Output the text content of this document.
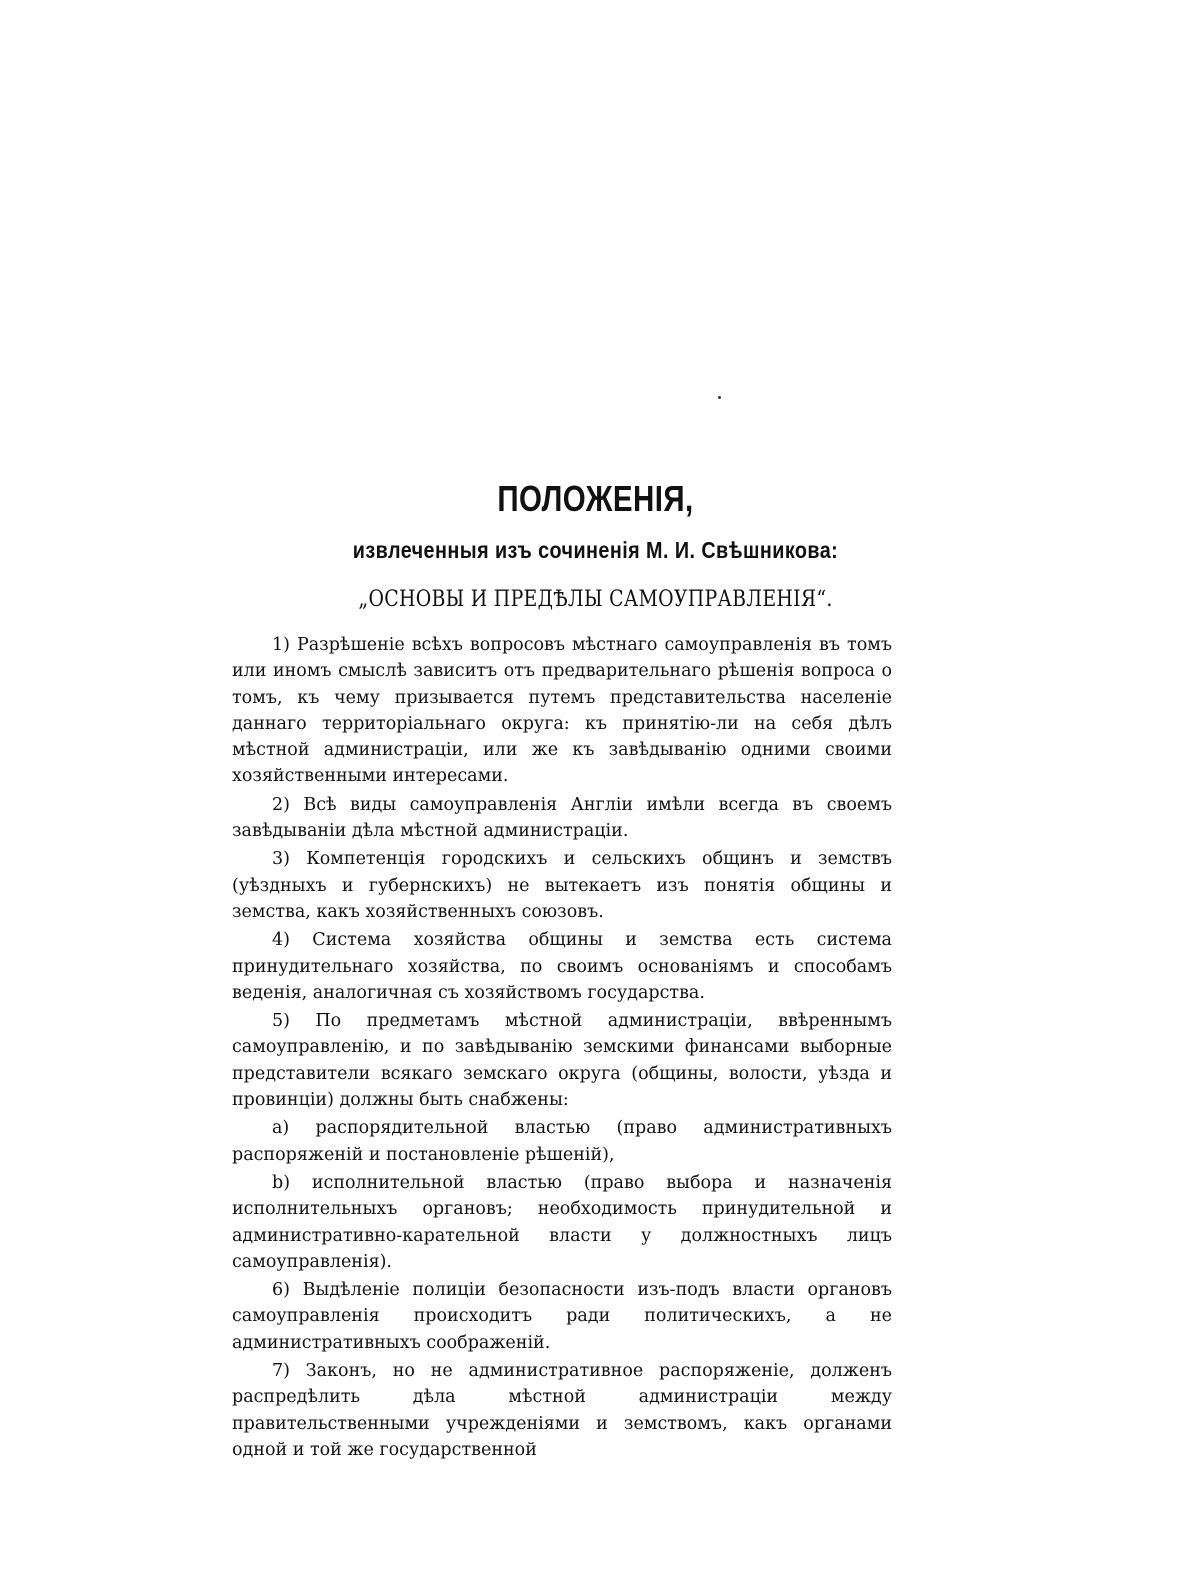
ПОЛОЖЕНІЯ,
извлеченныя изъ сочиненія М. И. Свѣшникова:
„ОСНОВЫ И ПРЕДѢЛЫ САМОУПРАВЛЕНІЯ“.

1) Разрѣшеніе всѣхъ вопросовъ мѣстнаго самоуправленія въ томъ или иномъ смыслѣ зависитъ отъ предварительнаго рѣшенія вопроса о томъ, къ чему призывается путемъ представительства населеніе даннаго территоріальнаго округа: къ принятію-ли на себя дѣлъ мѣстной администраціи, или же къ завѣдыванію одними своими хозяйственными интересами.

2) Всѣ виды самоуправленія Англіи имѣли всегда въ своемъ завѣдываніи дѣла мѣстной администраціи.

3) Компетенція городскихъ и сельскихъ общинъ и земствъ (уѣздныхъ и губернскихъ) не вытекаетъ изъ понятія общины и земства, какъ хозяйственныхъ союзовъ.

4) Система хозяйства общины и земства есть система принудительнаго хозяйства, по своимъ основаніямъ и способамъ веденія, аналогичная съ хозяйствомъ государства.

5) По предметамъ мѣстной администраціи, ввѣреннымъ самоуправленію, и по завѣдыванію земскими финансами выборные представители всякаго земскаго округа (общины, волости, уѣзда и провинціи) должны быть снабжены:

a) распорядительной властью (право административныхъ распоряженій и постановленіе рѣшеній),

b) исполнительной властью (право выбора и назначенія исполнительныхъ органовъ; необходимость принудительной и административно-карательной власти у должностныхъ лицъ самоуправленія).

6) Выдѣленіе полиціи безопасности изъ-подъ власти органовъ самоуправленія происходитъ ради политическихъ, а не административныхъ соображеній.

7) Законъ, но не административное распоряженіе, долженъ распредѣлить дѣла мѣстной администраціи между правительственными учрежденіями и земствомъ, какъ органами одной и той же государственной
